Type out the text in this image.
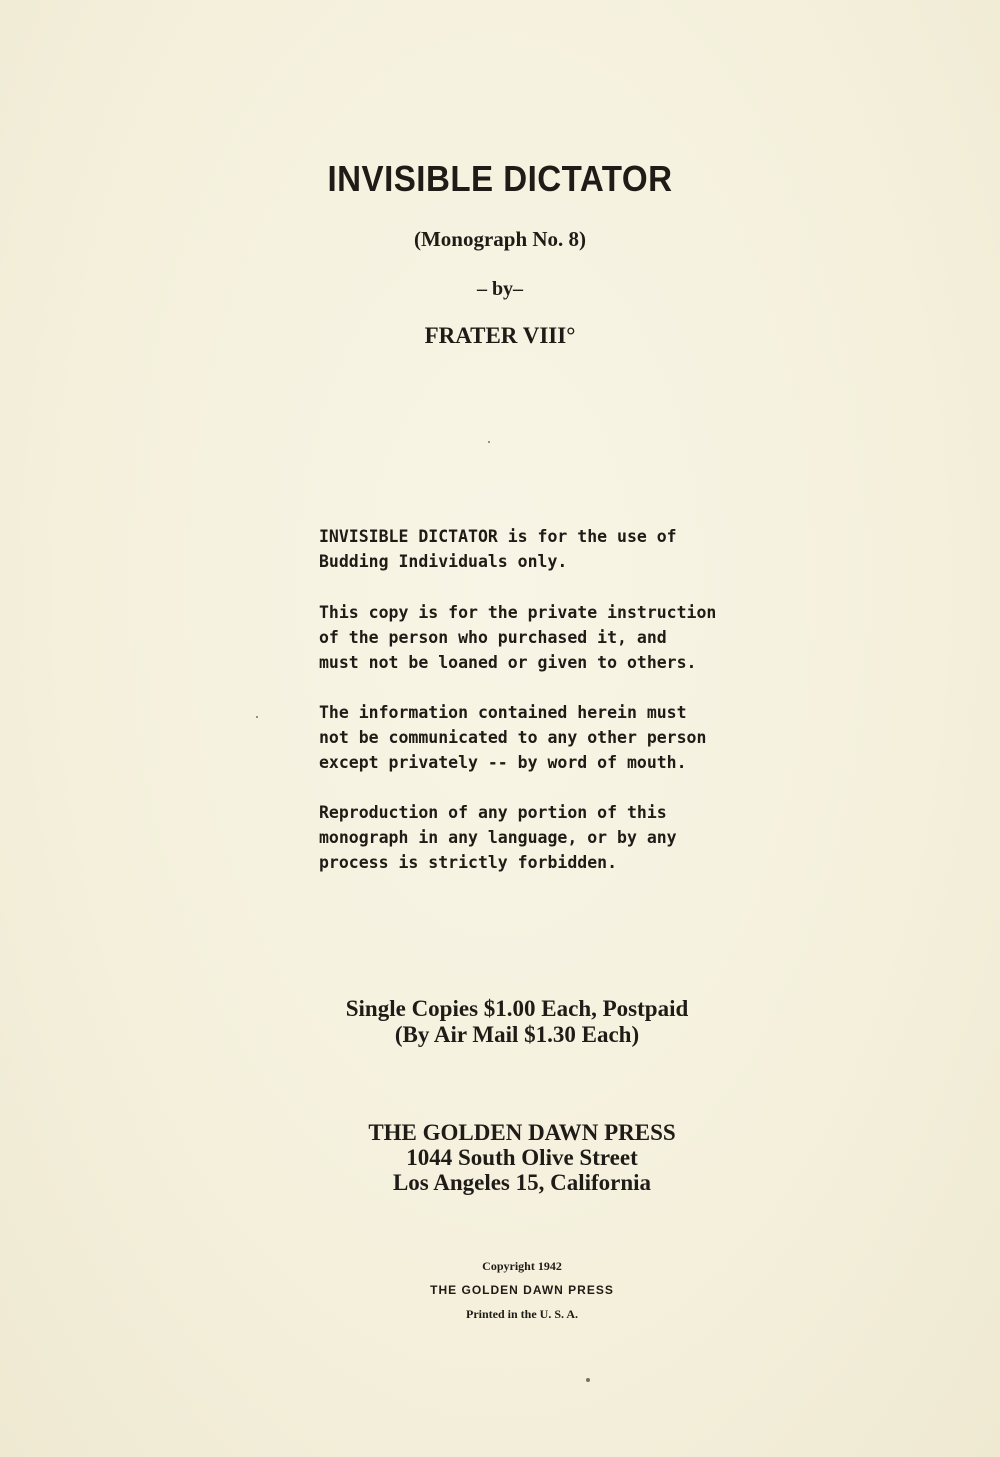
INVISIBLE DICTATOR
(Monograph No. 8)
– by–
FRATER VIII°
INVISIBLE DICTATOR is for the use of
Budding Individuals only.
This copy is for the private instruction
of the person who purchased it, and
must not be loaned or given to others.
The information contained herein must
not be communicated to any other person
except privately -- by word of mouth.
Reproduction of any portion of this
monograph in any language, or by any
process is strictly forbidden.
Single Copies $1.00 Each, Postpaid
(By Air Mail $1.30 Each)
THE GOLDEN DAWN PRESS
1044 South Olive Street
Los Angeles 15, California
Copyright 1942
THE GOLDEN DAWN PRESS
Printed in the U. S. A.
